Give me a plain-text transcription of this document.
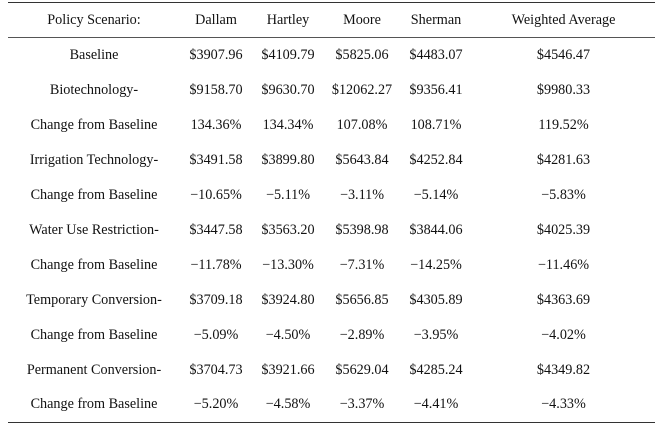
Policy Scenario:	Dallam	Hartley	Moore	Sherman	Weighted Average
Baseline	$3907.96	$4109.79	$5825.06	$4483.07	$4546.47
Biotechnology-	$9158.70	$9630.70	$12062.27	$9356.41	$9980.33
Change from Baseline	134.36%	134.34%	107.08%	108.71%	119.52%
Irrigation Technology-	$3491.58	$3899.80	$5643.84	$4252.84	$4281.63
Change from Baseline	−10.65%	−5.11%	−3.11%	−5.14%	−5.83%
Water Use Restriction-	$3447.58	$3563.20	$5398.98	$3844.06	$4025.39
Change from Baseline	−11.78%	−13.30%	−7.31%	−14.25%	−11.46%
Temporary Conversion-	$3709.18	$3924.80	$5656.85	$4305.89	$4363.69
Change from Baseline	−5.09%	−4.50%	−2.89%	−3.95%	−4.02%
Permanent Conversion-	$3704.73	$3921.66	$5629.04	$4285.24	$4349.82
Change from Baseline	−5.20%	−4.58%	−3.37%	−4.41%	−4.33%
